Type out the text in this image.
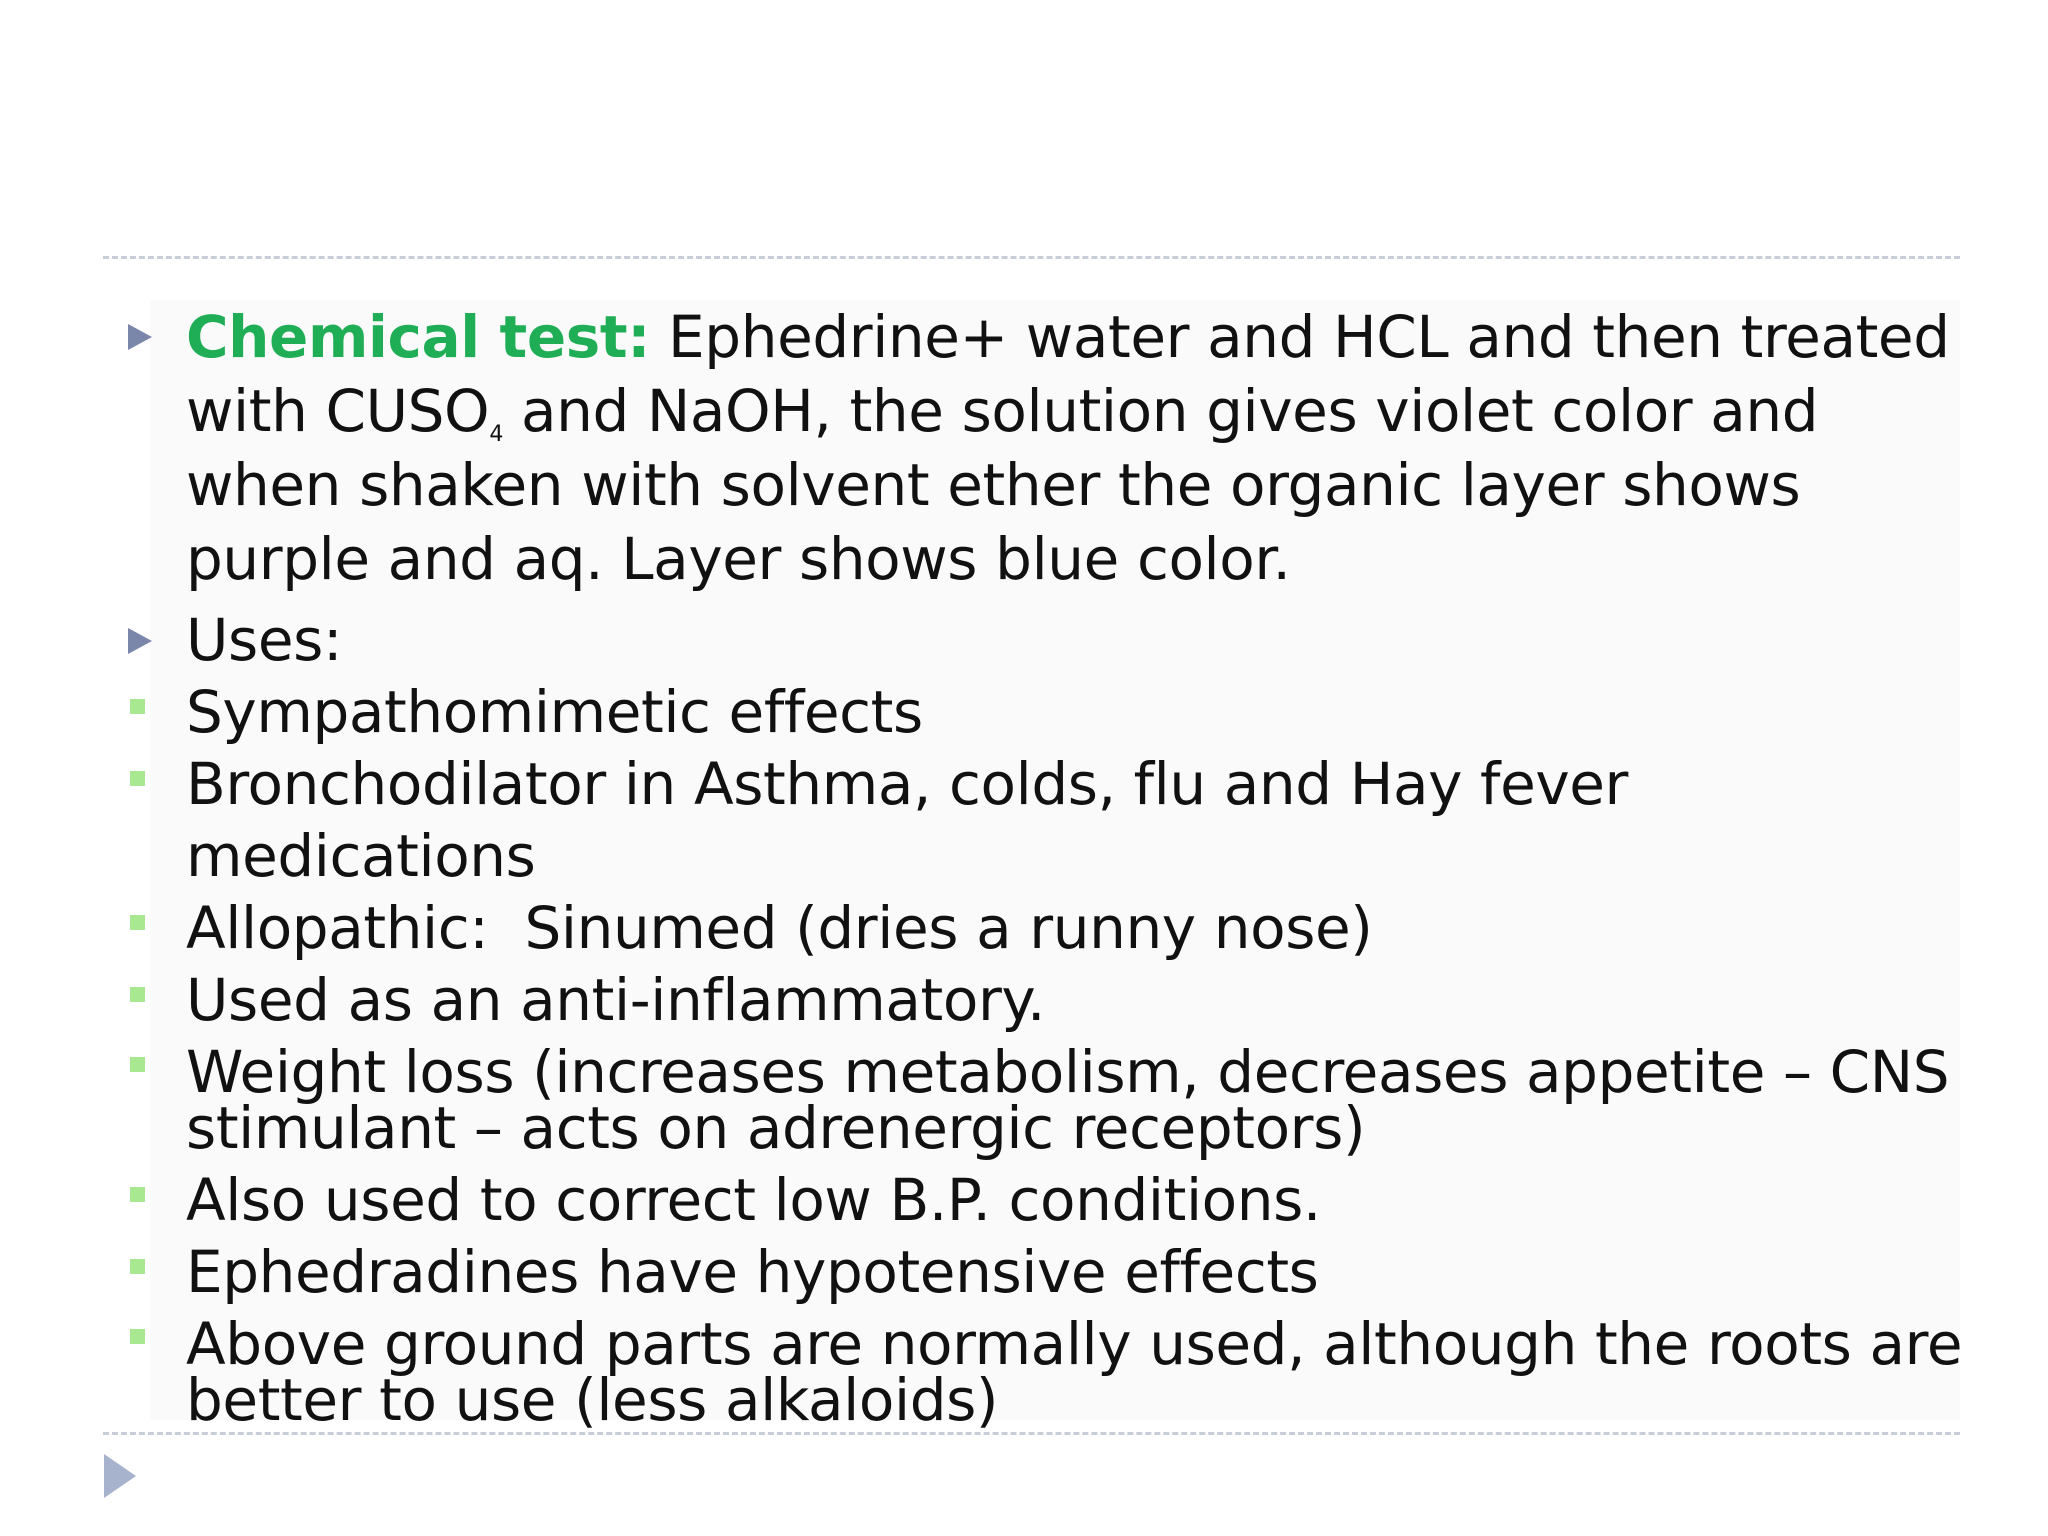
Chemical test: Ephedrine+ water and HCL and then treated with $CUSO_4$ and NaOH, the solution gives violet color and when shaken with solvent ether the organic layer shows purple and aq. Layer shows blue color.
Uses:
Sympathomimetic effects
Bronchodilator in Asthma, colds, flu and Hay fever medications
Allopathic:  Sinumed (dries a runny nose)
Used as an anti-inflammatory.
Weight loss (increases metabolism, decreases appetite – CNS stimulant – acts on adrenergic receptors)
Also used to correct low B.P. conditions.
Ephedradines have hypotensive effects
Above ground parts are normally used, although the roots are better to use (less alkaloids)
